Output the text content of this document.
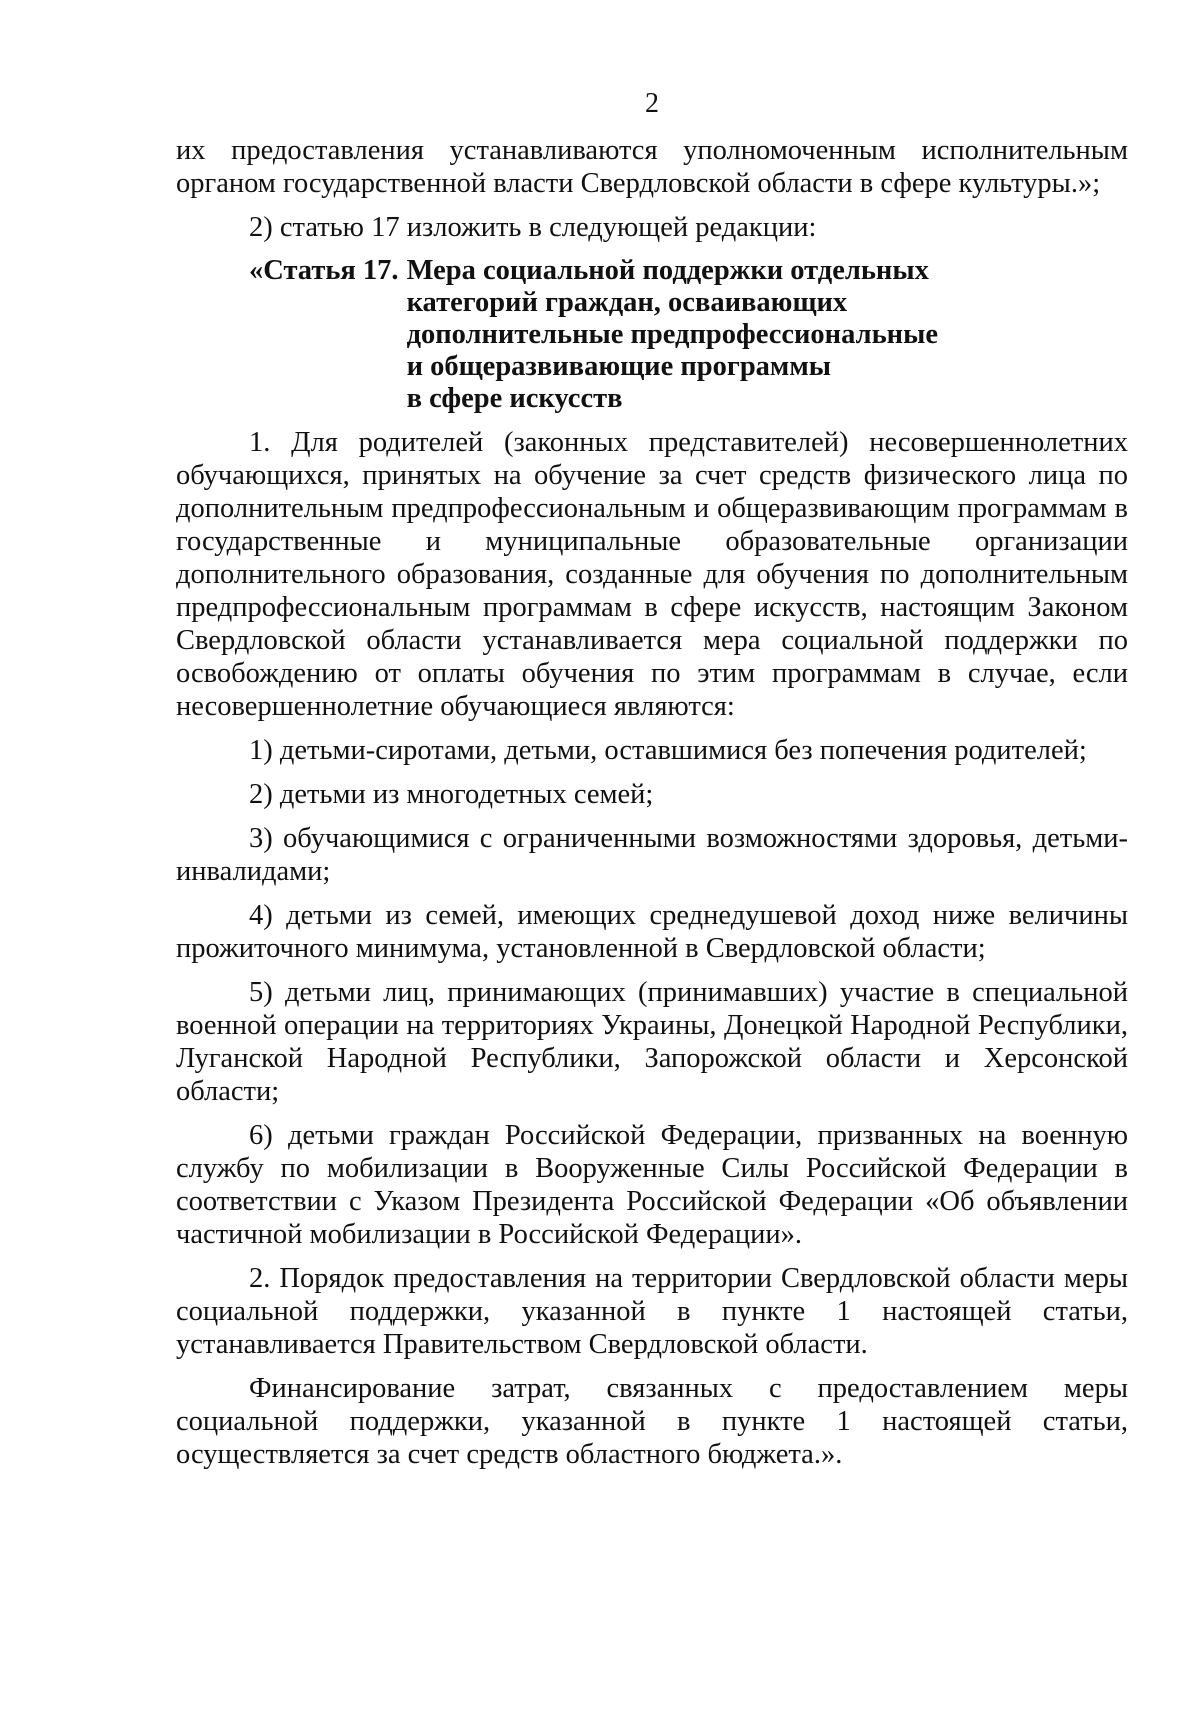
2

их предоставления устанавливаются уполномоченным исполнительным органом государственной власти Свердловской области в сфере культуры.»;

2) статью 17 изложить в следующей редакции:

«Статья 17. Мера социальной поддержки отдельных
категорий граждан, осваивающих
дополнительные предпрофессиональные
и общеразвивающие программы
в сфере искусств

1. Для родителей (законных представителей) несовершеннолетних обучающихся, принятых на обучение за счет средств физического лица по дополнительным предпрофессиональным и общеразвивающим программам в государственные и муниципальные образовательные организации дополнительного образования, созданные для обучения по дополнительным предпрофессиональным программам в сфере искусств, настоящим Законом Свердловской области устанавливается мера социальной поддержки по освобождению от оплаты обучения по этим программам в случае, если несовершеннолетние обучающиеся являются:

1) детьми-сиротами, детьми, оставшимися без попечения родителей;

2) детьми из многодетных семей;

3) обучающимися с ограниченными возможностями здоровья, детьми-инвалидами;

4) детьми из семей, имеющих среднедушевой доход ниже величины прожиточного минимума, установленной в Свердловской области;

5) детьми лиц, принимающих (принимавших) участие в специальной военной операции на территориях Украины, Донецкой Народной Республики, Луганской Народной Республики, Запорожской области и Херсонской области;

6) детьми граждан Российской Федерации, призванных на военную службу по мобилизации в Вооруженные Силы Российской Федерации в соответствии с Указом Президента Российской Федерации «Об объявлении частичной мобилизации в Российской Федерации».

2. Порядок предоставления на территории Свердловской области меры социальной поддержки, указанной в пункте 1 настоящей статьи, устанавливается Правительством Свердловской области.

Финансирование затрат, связанных с предоставлением меры социальной поддержки, указанной в пункте 1 настоящей статьи, осуществляется за счет средств областного бюджета.».
